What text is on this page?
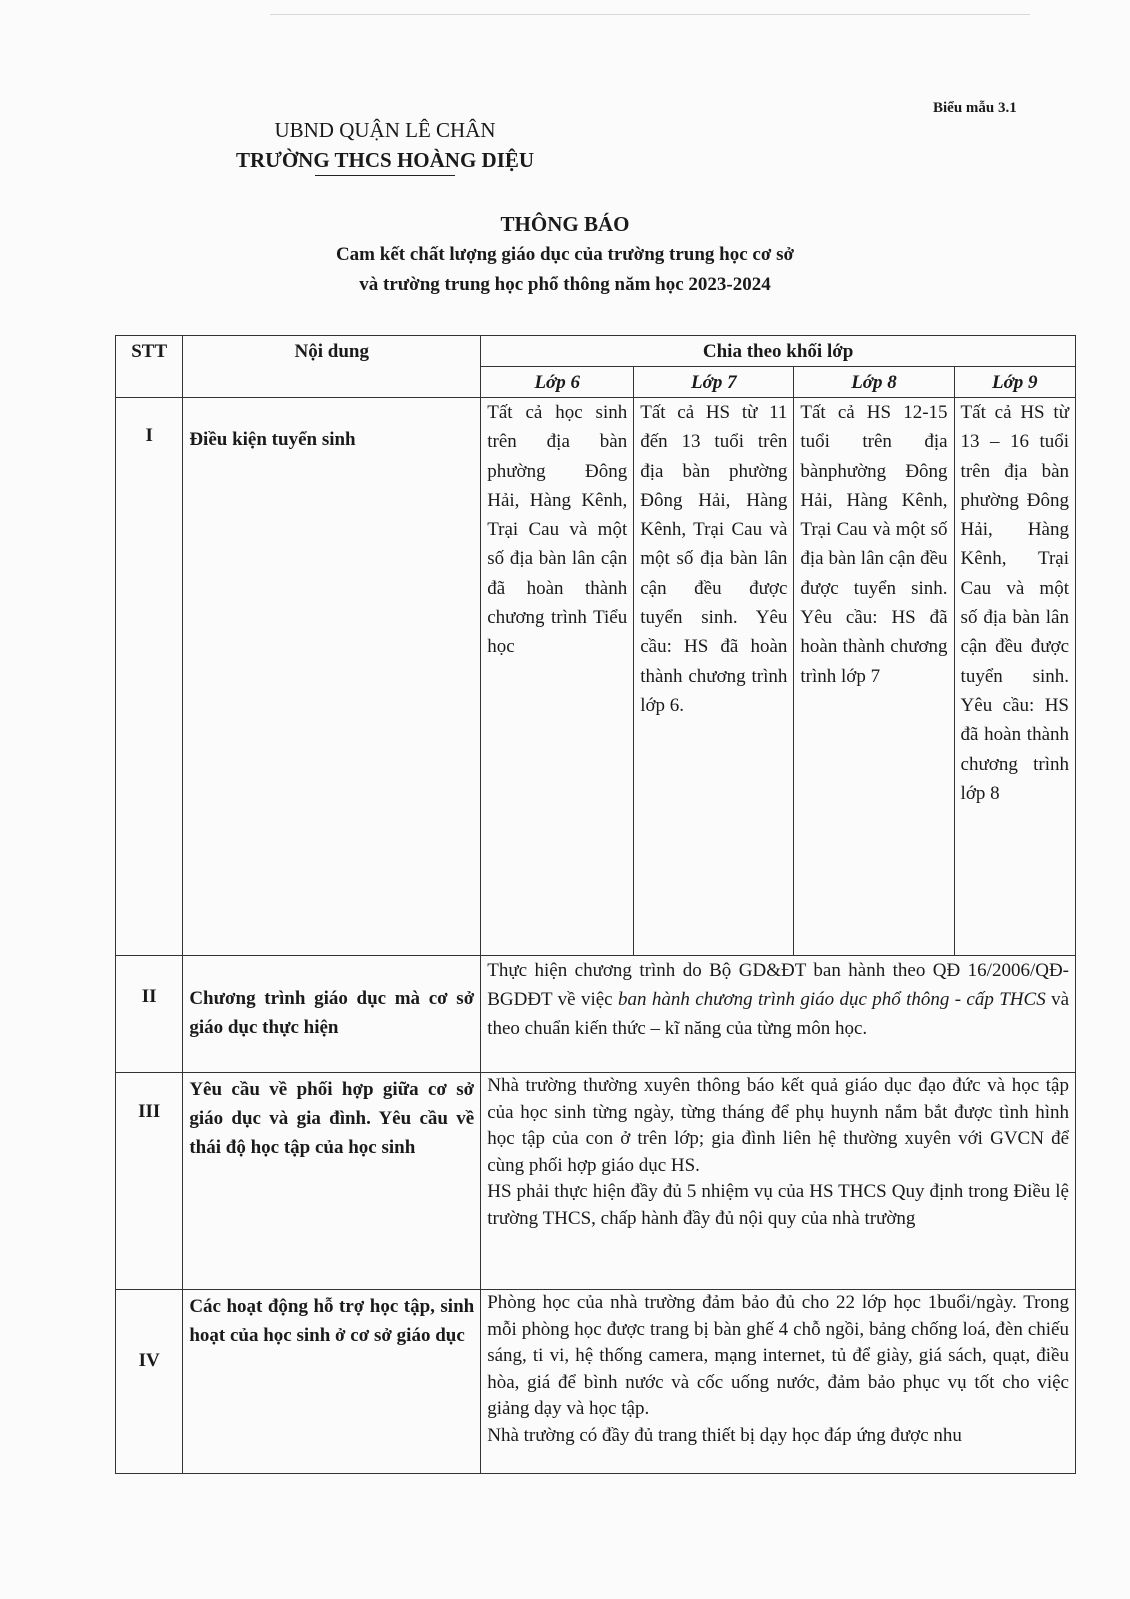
Biểu mẫu 3.1
UBND QUẬN LÊ CHÂN
TRƯỜNG THCS HOÀNG DIỆU
THÔNG BÁO
Cam kết chất lượng giáo dục của trường trung học cơ sở
và trường trung học phổ thông năm học 2023-2024
STT	Nội dung	Chia theo khối lớp			
		Lớp 6	Lớp 7	Lớp 8	Lớp 9
I	Điều kiện tuyển sinh	Tất cả học sinh trên địa bàn phường Đông Hải, Hàng Kênh, Trại Cau và một số địa bàn lân cận đã hoàn thành chương trình Tiểu học	Tất cả HS từ 11 đến 13 tuổi trên địa bàn phường Đông Hải, Hàng Kênh, Trại Cau và một số địa bàn lân cận đều được tuyển sinh. Yêu cầu: HS đã hoàn thành chương trình lớp 6.	Tất cả HS 12-15 tuổi trên địa bànphường Đông Hải, Hàng Kênh, Trại Cau và một số địa bàn lân cận đều được tuyển sinh. Yêu cầu: HS đã hoàn thành chương trình lớp 7	Tất cả HS từ 13 – 16 tuổi trên địa bàn phường Đông Hải, Hàng Kênh, Trại Cau và một số địa bàn lân cận đều được tuyển sinh. Yêu cầu: HS đã hoàn thành chương trình lớp 8
II	Chương trình giáo dục mà cơ sở giáo dục thực hiện	Thực hiện chương trình do Bộ GD&ĐT ban hành theo QĐ 16/2006/QĐ-BGDĐT về việc ban hành chương trình giáo dục phổ thông - cấp THCS và theo chuẩn kiến thức – kĩ năng của từng môn học.			
III	Yêu cầu về phối hợp giữa cơ sở giáo dục và gia đình. Yêu cầu về thái độ học tập của học sinh	Nhà trường thường xuyên thông báo kết quả giáo dục đạo đức và học tập của học sinh từng ngày, từng tháng để phụ huynh nắm bắt được tình hình học tập của con ở trên lớp; gia đình liên hệ thường xuyên với GVCN để cùng phối hợp giáo dục HS.

HS phải thực hiện đầy đủ 5 nhiệm vụ của HS THCS Quy định trong Điều lệ trường THCS, chấp hành đầy đủ nội quy của nhà trường			

IV	Các hoạt động hỗ trợ học tập, sinh hoạt của học sinh ở cơ sở giáo dục	Phòng học của nhà trường đảm bảo đủ cho 22 lớp học 1buổi/ngày. Trong mỗi phòng học được trang bị bàn ghế 4 chỗ ngồi, bảng chống loá, đèn chiếu sáng, ti vi, hệ thống camera, mạng internet, tủ để giày, giá sách, quạt, điều hòa, giá để bình nước và cốc uống nước, đảm bảo phục vụ tốt cho việc giảng dạy và học tập.

Nhà trường có đầy đủ trang thiết bị dạy học đáp ứng được nhu			
